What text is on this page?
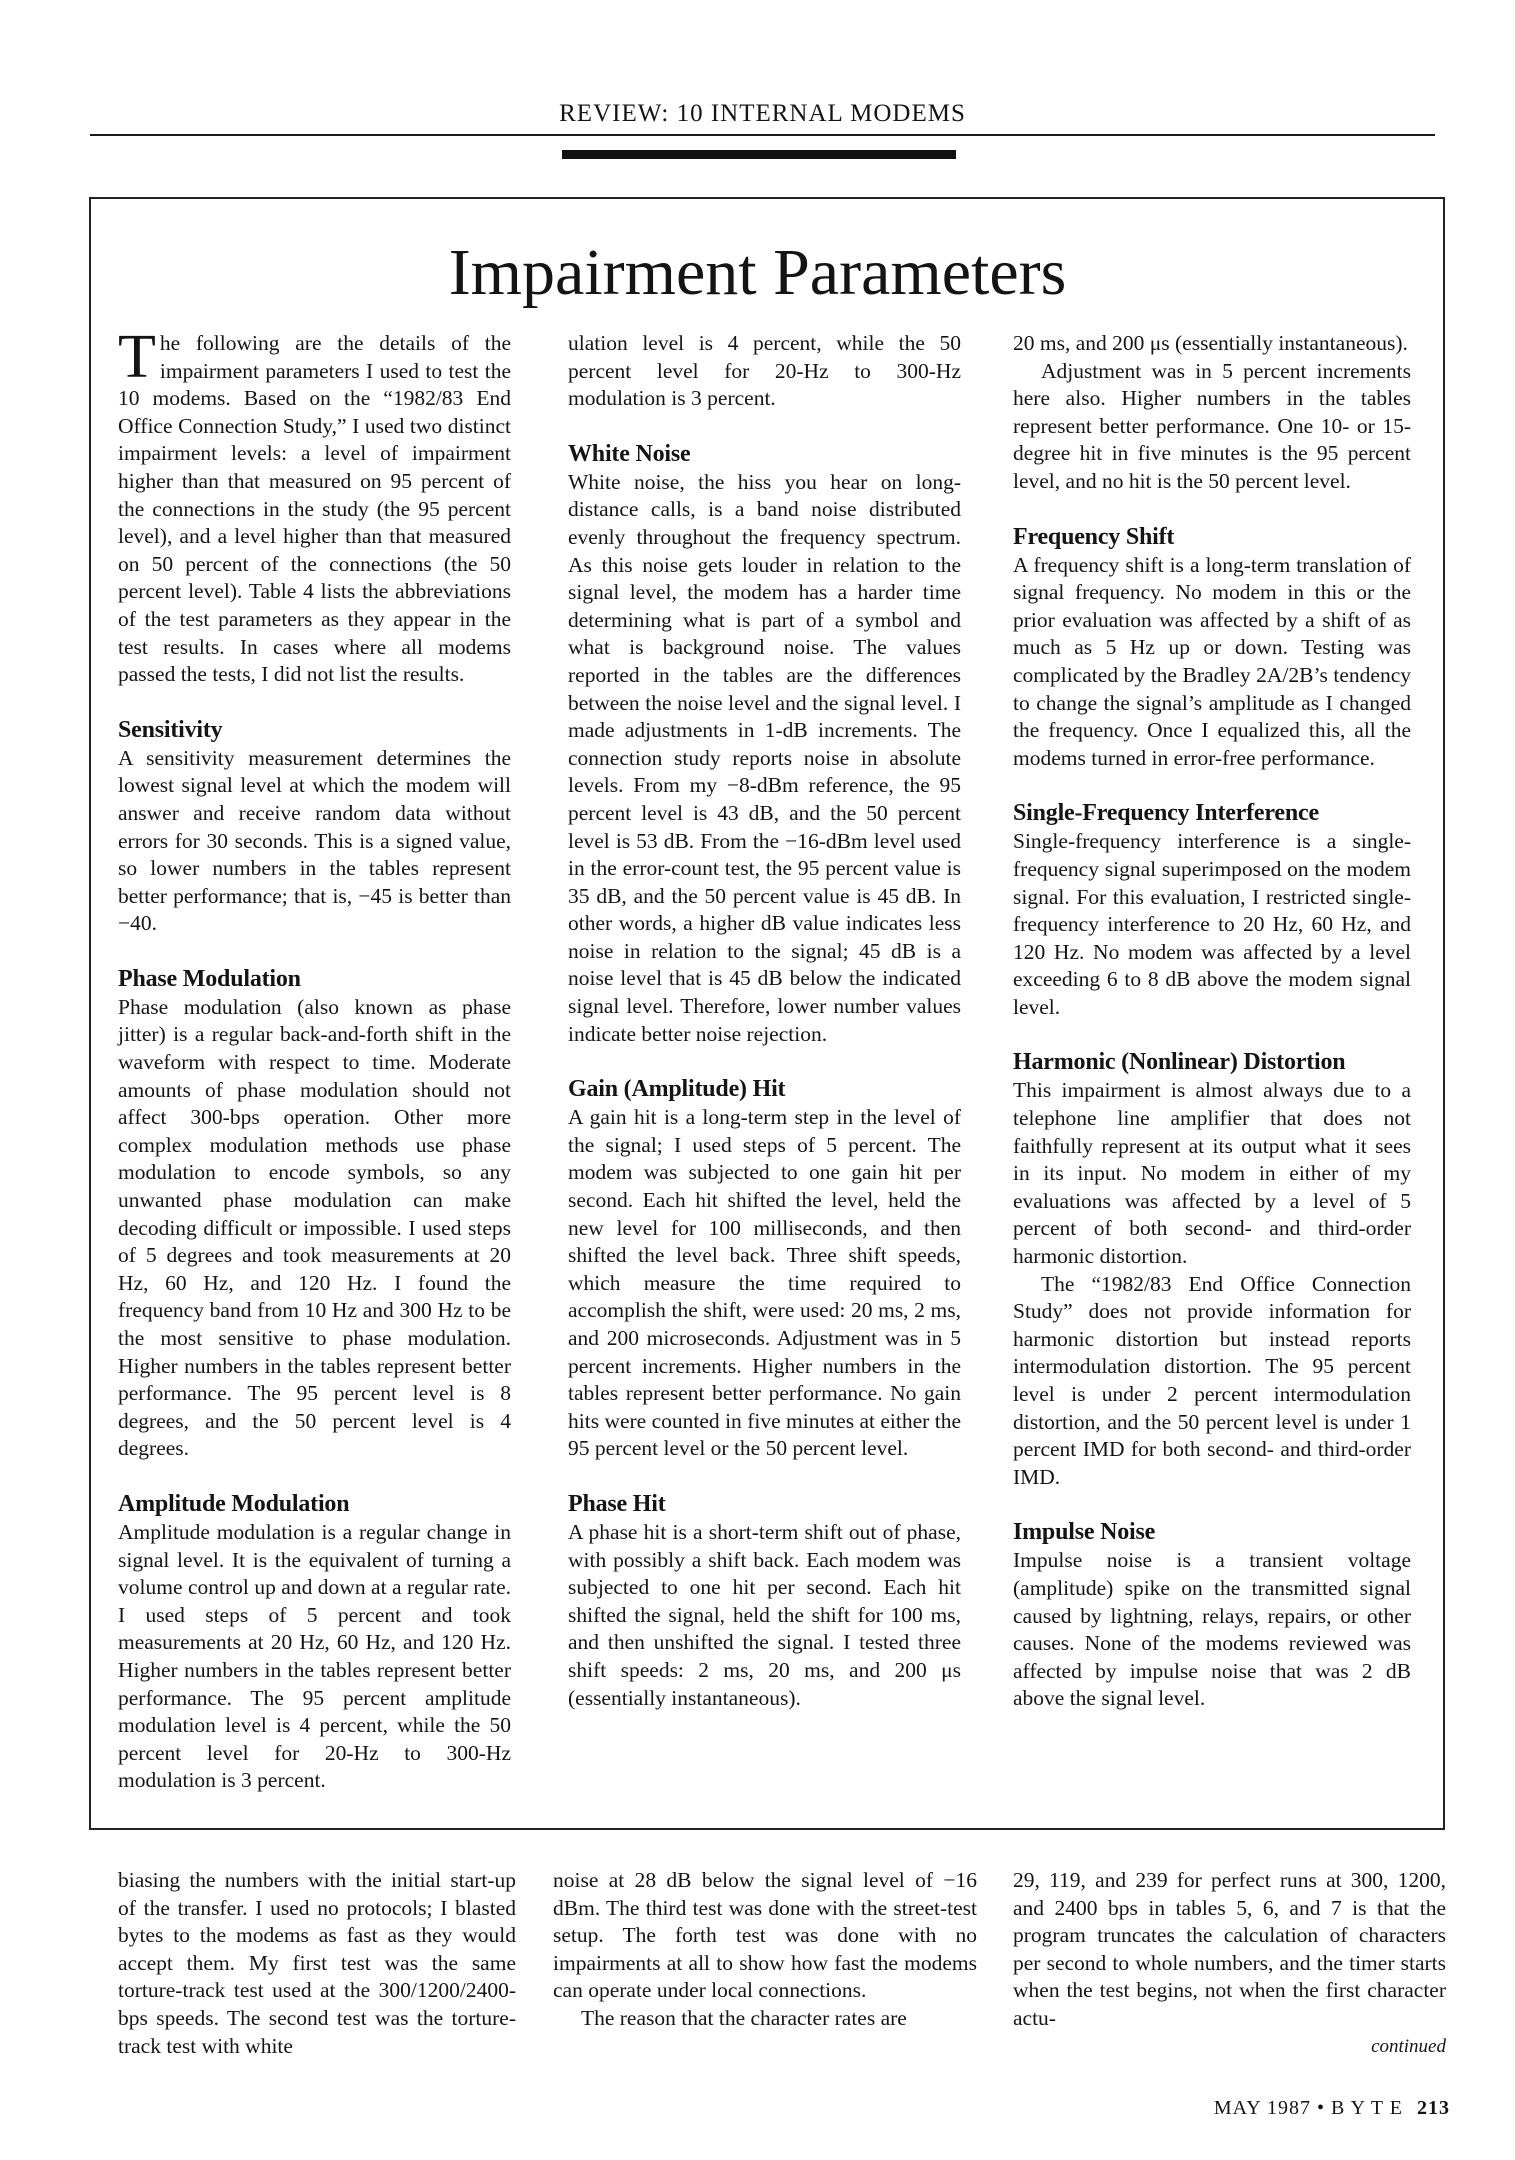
REVIEW: 10 INTERNAL MODEMS
Impairment Parameters

The following are the details of the impairment parameters I used to test the 10 modems. Based on the “1982/83 End Office Connection Study,” I used two distinct impairment levels: a level of impairment higher than that measured on 95 percent of the connections in the study (the 95 percent level), and a level higher than that measured on 50 percent of the connections (the 50 percent level). Table 4 lists the abbreviations of the test parameters as they appear in the test results. In cases where all modems passed the tests, I did not list the results.

Sensitivity

A sensitivity measurement determines the lowest signal level at which the modem will answer and receive random data without errors for 30 seconds. This is a signed value, so lower numbers in the tables represent better performance; that is, −45 is better than −40.

Phase Modulation

Phase modulation (also known as phase jitter) is a regular back-and-forth shift in the waveform with respect to time. Moderate amounts of phase modulation should not affect 300-bps operation. Other more complex modulation methods use phase modulation to encode symbols, so any unwanted phase modulation can make decoding difficult or impossible. I used steps of 5 degrees and took measurements at 20 Hz, 60 Hz, and 120 Hz. I found the frequency band from 10 Hz and 300 Hz to be the most sensitive to phase modulation. Higher numbers in the tables represent better performance. The 95 percent level is 8 degrees, and the 50 percent level is 4 degrees.

Amplitude Modulation

Amplitude modulation is a regular change in signal level. It is the equivalent of turning a volume control up and down at a regular rate. I used steps of 5 percent and took measurements at 20 Hz, 60 Hz, and 120 Hz. Higher numbers in the tables represent better performance. The 95 percent amplitude modulation level is 4 percent, while the 50 percent level for 20-Hz to 300-Hz modulation is 3 percent.

ulation level is 4 percent, while the 50 percent level for 20-Hz to 300-Hz modulation is 3 percent.

White Noise

White noise, the hiss you hear on long-distance calls, is a band noise distributed evenly throughout the frequency spectrum. As this noise gets louder in relation to the signal level, the modem has a harder time determining what is part of a symbol and what is background noise. The values reported in the tables are the differences between the noise level and the signal level. I made adjustments in 1-dB increments. The connection study reports noise in absolute levels. From my −8-dBm reference, the 95 percent level is 43 dB, and the 50 percent level is 53 dB. From the −16-dBm level used in the error-count test, the 95 percent value is 35 dB, and the 50 percent value is 45 dB. In other words, a higher dB value indicates less noise in relation to the signal; 45 dB is a noise level that is 45 dB below the indicated signal level. Therefore, lower number values indicate better noise rejection.

Gain (Amplitude) Hit

A gain hit is a long-term step in the level of the signal; I used steps of 5 percent. The modem was subjected to one gain hit per second. Each hit shifted the level, held the new level for 100 milliseconds, and then shifted the level back. Three shift speeds, which measure the time required to accomplish the shift, were used: 20 ms, 2 ms, and 200 microseconds. Adjustment was in 5 percent increments. Higher numbers in the tables represent better performance. No gain hits were counted in five minutes at either the 95 percent level or the 50 percent level.

Phase Hit

A phase hit is a short-term shift out of phase, with possibly a shift back. Each modem was subjected to one hit per second. Each hit shifted the signal, held the shift for 100 ms, and then unshifted the signal. I tested three shift speeds: 2 ms, 20 ms, and 200 μs (essentially instantaneous).

20 ms, and 200 μs (essentially instantaneous).

Adjustment was in 5 percent increments here also. Higher numbers in the tables represent better performance. One 10- or 15-degree hit in five minutes is the 95 percent level, and no hit is the 50 percent level.

Frequency Shift

A frequency shift is a long-term translation of signal frequency. No modem in this or the prior evaluation was affected by a shift of as much as 5 Hz up or down. Testing was complicated by the Bradley 2A/2B’s tendency to change the signal’s amplitude as I changed the frequency. Once I equalized this, all the modems turned in error-free performance.

Single-Frequency Interference

Single-frequency interference is a single-frequency signal superimposed on the modem signal. For this evaluation, I restricted single-frequency interference to 20 Hz, 60 Hz, and 120 Hz. No modem was affected by a level exceeding 6 to 8 dB above the modem signal level.

Harmonic (Nonlinear) Distortion

This impairment is almost always due to a telephone line amplifier that does not faithfully represent at its output what it sees in its input. No modem in either of my evaluations was affected by a level of 5 percent of both second- and third-order harmonic distortion.

The “1982/83 End Office Connection Study” does not provide information for harmonic distortion but instead reports intermodulation distortion. The 95 percent level is under 2 percent intermodulation distortion, and the 50 percent level is under 1 percent IMD for both second- and third-order IMD.

Impulse Noise

Impulse noise is a transient voltage (amplitude) spike on the transmitted signal caused by lightning, relays, repairs, or other causes. None of the modems reviewed was affected by impulse noise that was 2 dB above the signal level.

biasing the numbers with the initial start-up of the transfer. I used no protocols; I blasted bytes to the modems as fast as they would accept them. My first test was the same torture-track test used at the 300/1200/2400-bps speeds. The second test was the torture-track test with white

noise at 28 dB below the signal level of −16 dBm. The third test was done with the street-test setup. The forth test was done with no impairments at all to show how fast the modems can operate under local connections.

The reason that the character rates are

29, 119, and 239 for perfect runs at 300, 1200, and 2400 bps in tables 5, 6, and 7 is that the program truncates the calculation of characters per second to whole numbers, and the timer starts when the test begins, not when the first character actu-

continued
MAY 1987 • B Y T E 213
